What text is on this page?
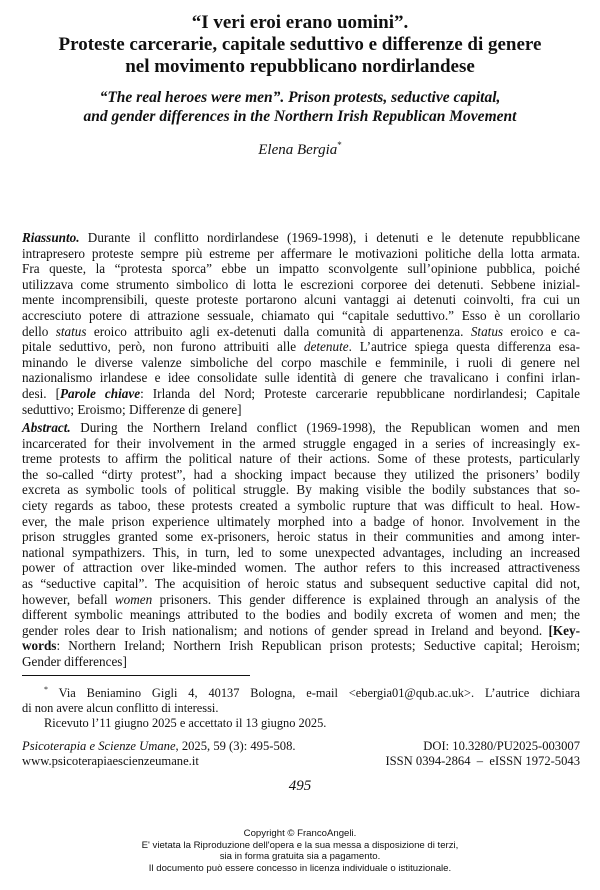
“I veri eroi erano uomini”.
Proteste carcerarie, capitale seduttivo e differenze di genere
nel movimento repubblicano nordirlandese
“The real heroes were men”. Prison protests, seductive capital,
and gender differences in the Northern Irish Republican Movement
Elena Bergia*
Riassunto. Durante il conflitto nordirlandese (1969-1998), i detenuti e le detenute repubblicane
intrapresero proteste sempre più estreme per affermare le motivazioni politiche della lotta armata.
Fra queste, la “protesta sporca” ebbe un impatto sconvolgente sull’opinione pubblica, poiché
utilizzava come strumento simbolico di lotta le escrezioni corporee dei detenuti. Sebbene inizial-
mente incomprensibili, queste proteste portarono alcuni vantaggi ai detenuti coinvolti, fra cui un
accresciuto potere di attrazione sessuale, chiamato qui “capitale seduttivo.” Esso è un corollario
dello status eroico attribuito agli ex-detenuti dalla comunità di appartenenza. Status eroico e ca-
pitale seduttivo, però, non furono attribuiti alle detenute. L’autrice spiega questa differenza esa-
minando le diverse valenze simboliche del corpo maschile e femminile, i ruoli di genere nel
nazionalismo irlandese e idee consolidate sulle identità di genere che travalicano i confini irlan-
desi. [Parole chiave: Irlanda del Nord; Proteste carcerarie repubblicane nordirlandesi; Capitale
seduttivo; Eroismo; Differenze di genere]
Abstract. During the Northern Ireland conflict (1969-1998), the Republican women and men
incarcerated for their involvement in the armed struggle engaged in a series of increasingly ex-
treme protests to affirm the political nature of their actions. Some of these protests, particularly
the so-called “dirty protest”, had a shocking impact because they utilized the prisoners’ bodily
excreta as symbolic tools of political struggle. By making visible the bodily substances that so-
ciety regards as taboo, these protests created a symbolic rupture that was difficult to heal. How-
ever, the male prison experience ultimately morphed into a badge of honor. Involvement in the
prison struggles granted some ex-prisoners, heroic status in their communities and among inter-
national sympathizers. This, in turn, led to some unexpected advantages, including an increased
power of attraction over like-minded women. The author refers to this increased attractiveness
as “seductive capital”. The acquisition of heroic status and subsequent seductive capital did not,
however, befall women prisoners. This gender difference is explained through an analysis of the
different symbolic meanings attributed to the bodies and bodily excreta of women and men; the
gender roles dear to Irish nationalism; and notions of gender spread in Ireland and beyond. [Key-
words: Northern Ireland; Northern Irish Republican prison protests; Seductive capital; Heroism;
Gender differences]
* Via Beniamino Gigli 4, 40137 Bologna, e-mail <ebergia01@qub.ac.uk>. L’autrice dichiara
di non avere alcun conflitto di interessi.
Ricevuto l’11 giugno 2025 e accettato il 13 giugno 2025.
Psicoterapia e Scienze Umane, 2025, 59 (3): 495-508.	DOI: 10.3280/PU2025-003007
www.psicoterapiaescienzeumane.it	ISSN 0394-2864  –  eISSN 1972-5043
495
Copyright © FrancoAngeli.
E' vietata la Riproduzione dell'opera e la sua messa a disposizione di terzi,
sia in forma gratuita sia a pagamento.
Il documento può essere concesso in licenza individuale o istituzionale.
